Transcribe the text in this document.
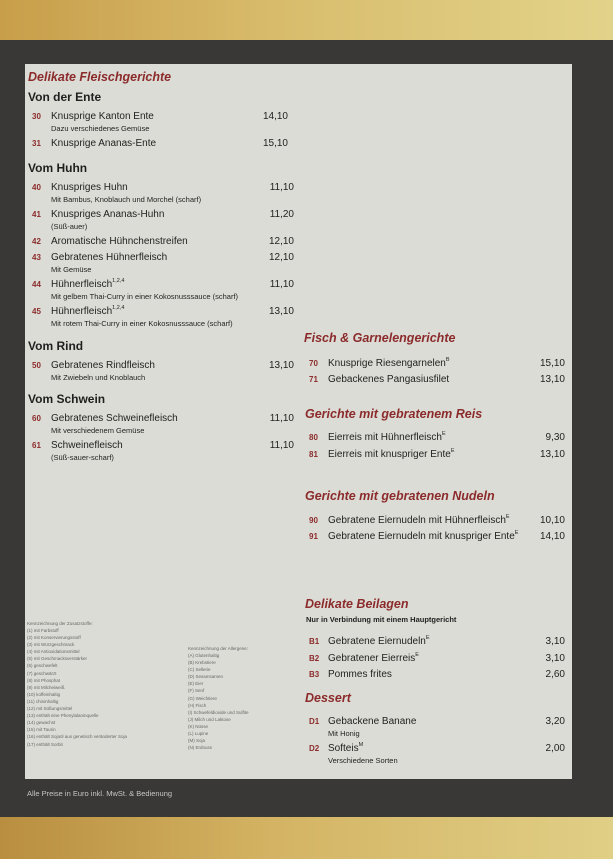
Delikate Fleischgerichte
Von der Ente
30 Knusprige Kanton Ente	14,10
Dazu verschiedenes Gemüse
31 Knusprige Ananas-Ente	15,10
Vom Huhn
40 Knuspriges Huhn	11,10
Mit Bambus, Knoblauch und Morchel (scharf)
41 Knuspriges Ananas-Huhn	11,20
(Süß-auer)
42 Aromatische Hühnchenstreifen	12,10
43 Gebratenes Hühnerfleisch	12,10
Mit Gemüse
44 Hühnerfleisch$^{1,2,4}$	11,10
Mit gelbem Thai-Curry in einer Kokosnusssauce (scharf)
45 Hühnerfleisch$^{1,2,4}$	13,10
Mit rotem Thai-Curry in einer Kokosnusssauce (scharf)
Vom Rind
50 Gebratenes Rindfleisch	13,10
Mit Zwiebeln und Knoblauch
Vom Schwein
60 Gebratenes Schweinefleisch	11,10
Mit verschiedenem Gemüse
61 Schweinefleisch	11,10
(Süß-sauer-scharf)
Kennzeichnung der Zusatzstoffe:
(1) mit Farbstoff
(2) mit Konservierungsstoff
(3) mit Würzgeschmack
(4) mit Antioxidationsmittel
(5) mit Geschmacksverstärker
(6) geschwefelt
(7) geschwärzt
(8) mit Phosphat
(9) mit Milcheiweiß
(10) koffeinhaltig
(11) chininhaltig
(12) mit Süßungsmittel
(13) enthält eine Phenylalaninquelle
(14) gewachst
(15) mit Taurin
(16) enthält Sojaöl aus genetisch veränderter Soja
(17) enthält Sorbit
Kennzeichnung der Allergene:
(A) Glutenhaltig
(B) Krebstiere
(C) Sellerie
(D) Sesamsamen
(E) Eier
(F) Senf
(G) Weichtiere
(H) Fisch
(I) Schwefeldioxide und Sulfite
(J) Milch und Laktose
(K) Nüsse
(L) Lupine
(M) Soja
(N) Erdnuss
Fisch & Garnelengerichte
70 Knusprige Riesengarnelen$^B$	15,10
71 Gebackenes Pangasiusfilet	13,10
Gerichte mit gebratenem Reis
80 Eierreis mit Hühnerfleisch$^E$	9,30
81 Eierreis mit knuspriger Ente$^E$	13,10
Gerichte mit gebratenen Nudeln
90 Gebratene Eiernudeln mit Hühnerfleisch$^E$	10,10
91 Gebratene Eiernudeln mit knuspriger Ente$^E$ 14,10
Delikate Beilagen
Nur in Verbindung mit einem Hauptgericht
B1 Gebratene Eiernudeln$^E$	3,10
B2 Gebratener Eierreis$^E$	3,10
B3 Pommes frites	2,60
Dessert
D1 Gebackene Banane	3,20
Mit Honig
D2 Softeis$^M$	2,00
Verschiedene Sorten
Alle Preise in Euro inkl. MwSt. & Bedienung
